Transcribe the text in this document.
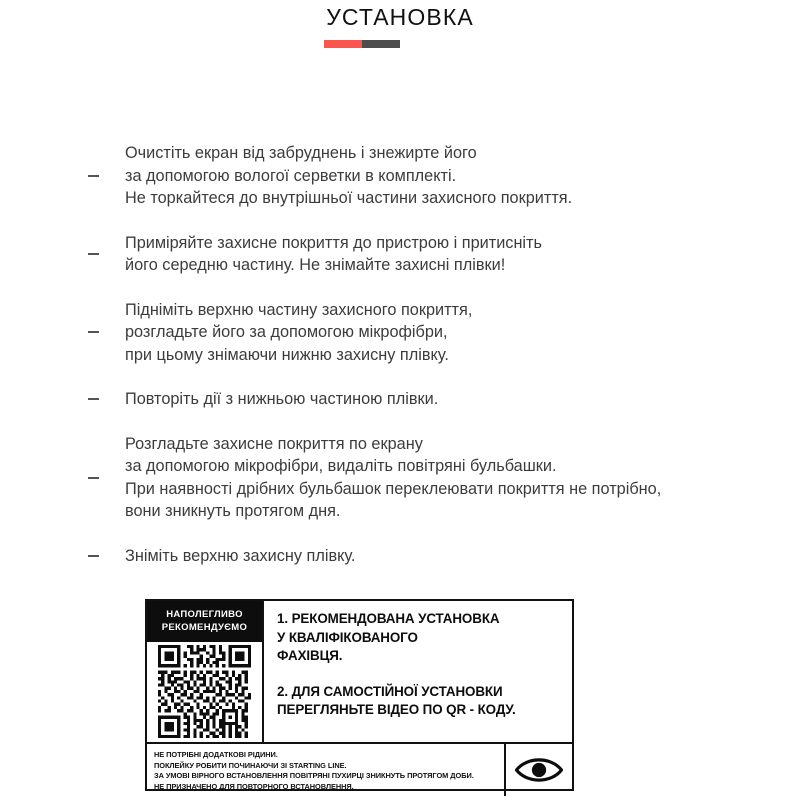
УСТАНОВКА
Очистіть екран від забруднень і знежирте його
за допомогою вологої серветки в комплекті.
Не торкайтеся до внутрішньої частини захисного покриття.
Приміряйте захисне покриття до пристрою і притисніть
його середню частину. Не знімайте захисні плівки!
Підніміть верхню частину захисного покриття,
розгладьте його за допомогою мікрофібри,
при цьому знімаючи нижню захисну плівку.
Повторіть дії з нижньою частиною плівки.
Розгладьте захисне покриття по екрану
за допомогою мікрофібри, видаліть повітряні бульбашки.
При наявності дрібних бульбашок переклеювати покриття не потрібно,
вони зникнуть протягом дня.
Зніміть верхню захисну плівку.
НАПОЛЕГЛИВО
РЕКОМЕНДУЄМО
1. РЕКОМЕНДОВАНА УСТАНОВКА
У КВАЛІФІКОВАНОГО
ФАХІВЦЯ.
2. ДЛЯ САМОСТІЙНОЇ УСТАНОВКИ
ПЕРЕГЛЯНЬТЕ ВІДЕО ПО QR - КОДУ.
НЕ ПОТРІБНІ ДОДАТКОВІ РІДИНИ.
ПОКЛЕЙКУ РОБИТИ ПОЧИНАЮЧИ ЗІ STARTING LINE.
ЗА УМОВІ ВІРНОГО ВСТАНОВЛЕННЯ ПОВІТРЯНІ ПУХИРЦІ ЗНИКНУТЬ ПРОТЯГОМ ДОБИ.
НЕ ПРИЗНАЧЕНО ДЛЯ ПОВТОРНОГО ВСТАНОВЛЕННЯ.
